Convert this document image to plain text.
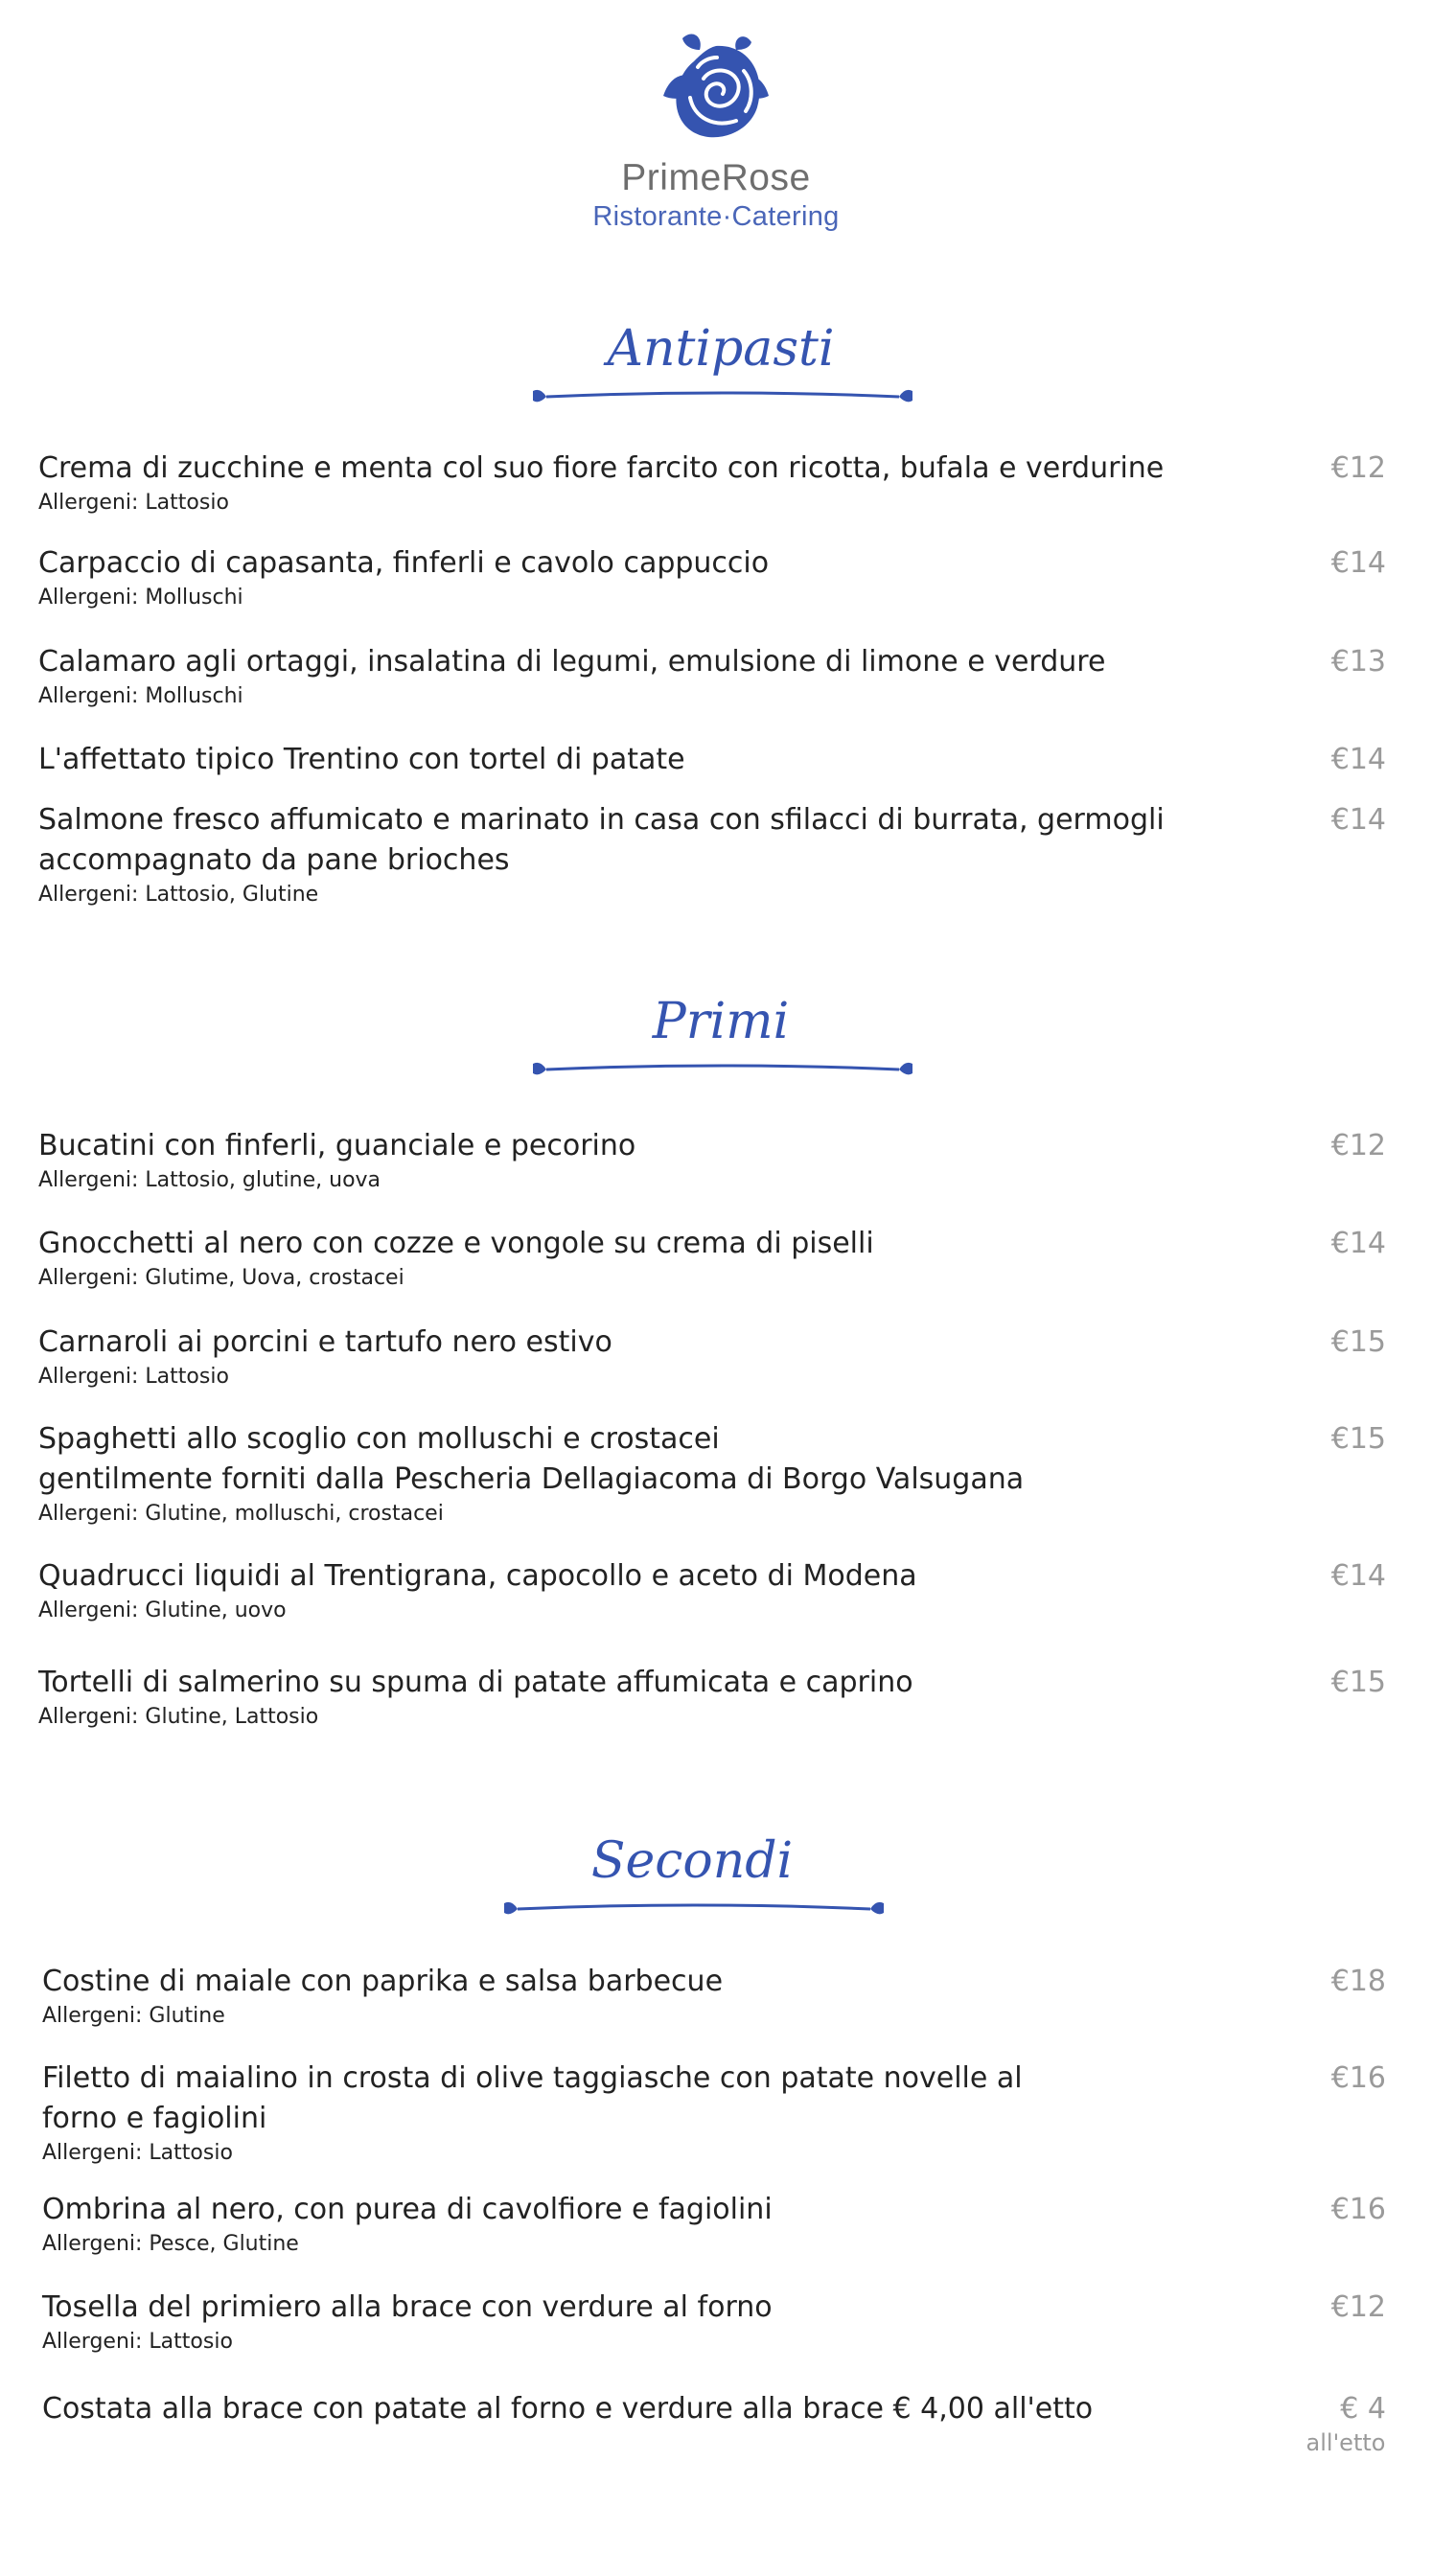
PrimeRose
Ristorante·Catering
Antipasti
Crema di zucchine e menta col suo fiore farcito con ricotta, bufala e verdurine
Allergeni: Lattosio
€12
Carpaccio di capasanta, finferli e cavolo cappuccio
Allergeni: Molluschi
€14
Calamaro agli ortaggi, insalatina di legumi, emulsione di limone e verdure
Allergeni: Molluschi
€13
L'affettato tipico Trentino con tortel di patate	€14
Salmone fresco affumicato e marinato in casa con sfilacci di burrata, germogli
accompagnato da pane brioches
Allergeni: Lattosio, Glutine
€14
Primi
Bucatini con finferli, guanciale e pecorino
Allergeni: Lattosio, glutine, uova
€12
Gnocchetti al nero con cozze e vongole su crema di piselli
Allergeni: Glutime, Uova, crostacei
€14
Carnaroli ai porcini e tartufo nero estivo
Allergeni: Lattosio
€15
Spaghetti allo scoglio con molluschi e crostacei
gentilmente forniti dalla Pescheria Dellagiacoma di Borgo Valsugana
Allergeni: Glutine, molluschi, crostacei
€15
Quadrucci liquidi al Trentigrana, capocollo e aceto di Modena
Allergeni: Glutine, uovo
€14
Tortelli di salmerino su spuma di patate affumicata e caprino
Allergeni: Glutine, Lattosio
€15
Secondi
Costine di maiale con paprika e salsa barbecue
Allergeni: Glutine
€18
Filetto di maialino in crosta di olive taggiasche con patate novelle al
forno e fagiolini
Allergeni: Lattosio
€16
Ombrina al nero, con purea di cavolfiore e fagiolini
Allergeni: Pesce, Glutine
€16
Tosella del primiero alla brace con verdure al forno
Allergeni: Lattosio
€12
Costata alla brace con patate al forno e verdure alla brace € 4,00 all'etto	€ 4
all'etto
